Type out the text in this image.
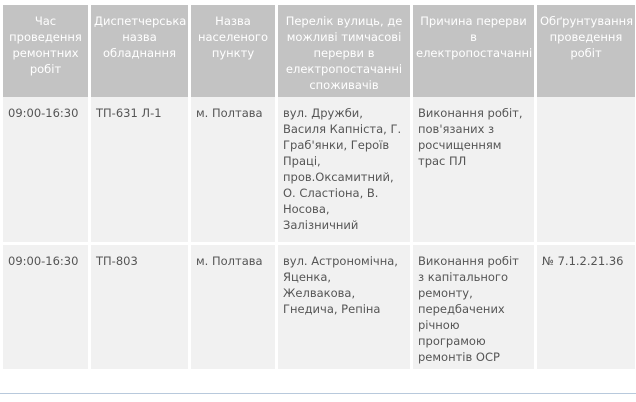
Час проведення ремонтних робіт	Диспетчерська назва обладнання	Назва населеного пункту	Перелік вулиць, де можливі тимчасові перерви в електропостачанні споживачів	Причина перерви в електропостачанні	Обґрунтування проведення робіт
09:00-16:30	ТП-631 Л-1	м. Полтава	вул. Дружби, Василя Капніста, Г. Граб'янки, Героїв Праці, пров.Оксамитний, О. Сластіона, В. Носова, Залізничний	Виконання робіт, пов'язаних з росчищенням трас ПЛ	
09:00-16:30	ТП-803	м. Полтава	вул. Астрономічна, Яценка, Желвакова, Гнедича, Репіна	Виконання робіт з капітального ремонту, передбачених річною програмою ремонтів ОСР	№ 7.1.2.21.36
